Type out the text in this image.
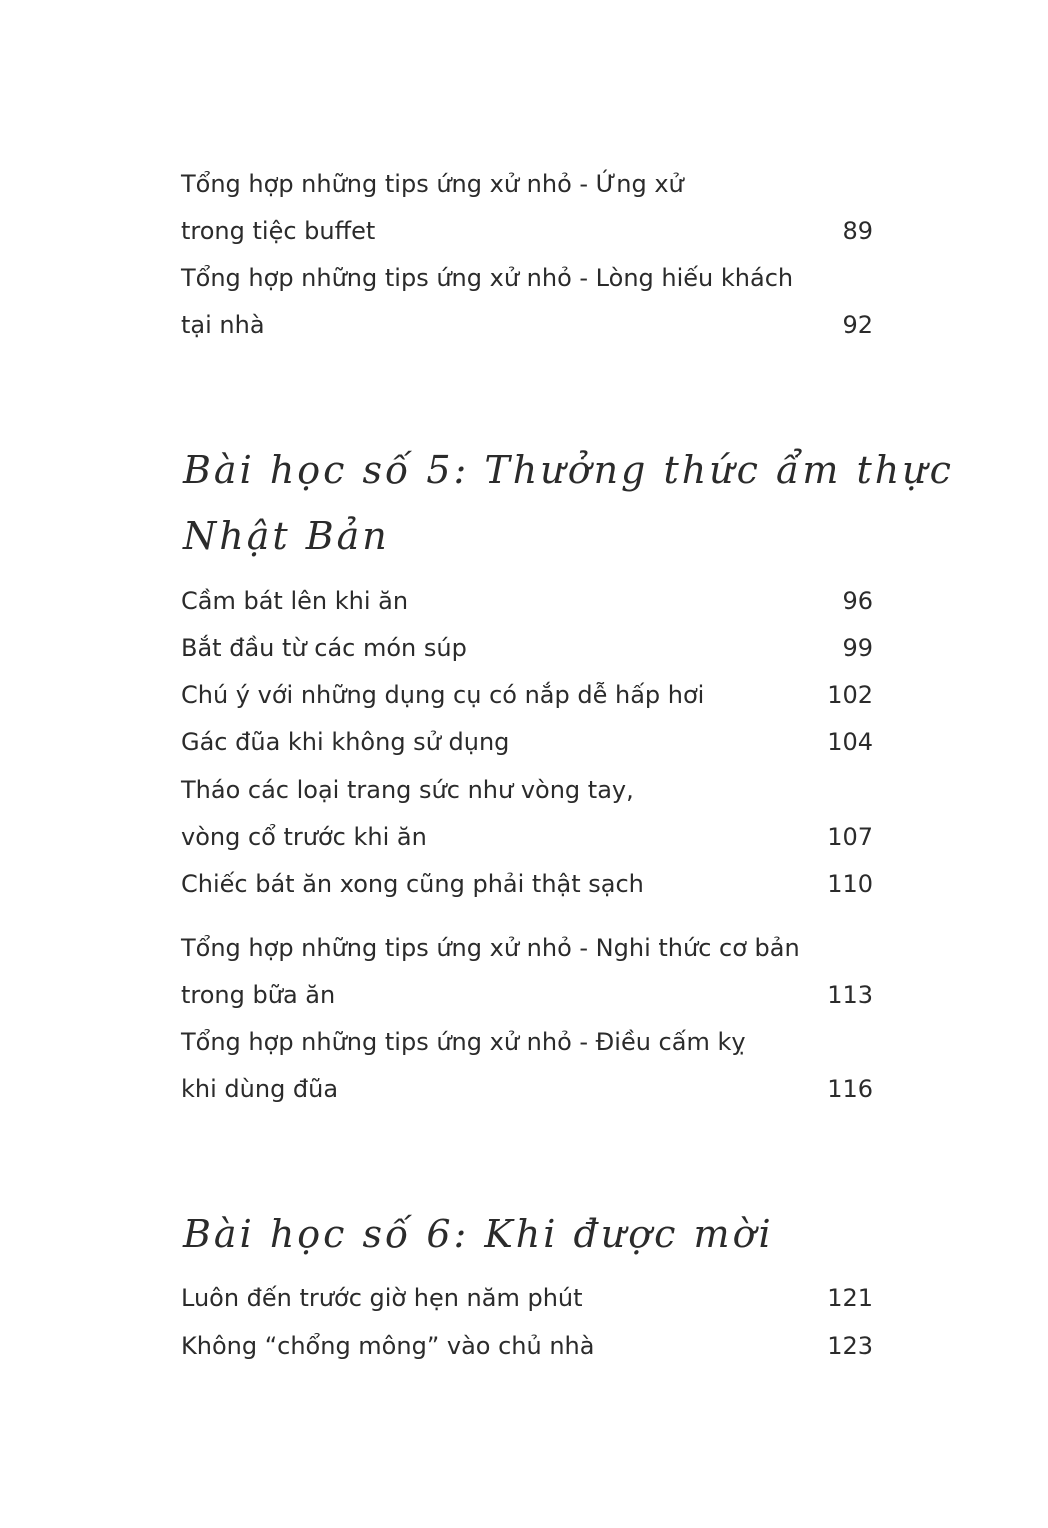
Tổng hợp những tips ứng xử nhỏ - Ứng xử
trong tiệc buffet	89
Tổng hợp những tips ứng xử nhỏ - Lòng hiếu khách
tại nhà	92
Bài học số 5: Thưởng thức ẩm thực
Nhật Bản
Cầm bát lên khi ăn	96
Bắt đầu từ các món súp	99
Chú ý với những dụng cụ có nắp dễ hấp hơi	102
Gác đũa khi không sử dụng	104
Tháo các loại trang sức như vòng tay,
vòng cổ trước khi ăn	107
Chiếc bát ăn xong cũng phải thật sạch	110
Tổng hợp những tips ứng xử nhỏ - Nghi thức cơ bản
trong bữa ăn	113
Tổng hợp những tips ứng xử nhỏ - Điều cấm kỵ
khi dùng đũa	116
Bài học số 6: Khi được mời
Luôn đến trước giờ hẹn năm phút	121
Không “chổng mông” vào chủ nhà	123
